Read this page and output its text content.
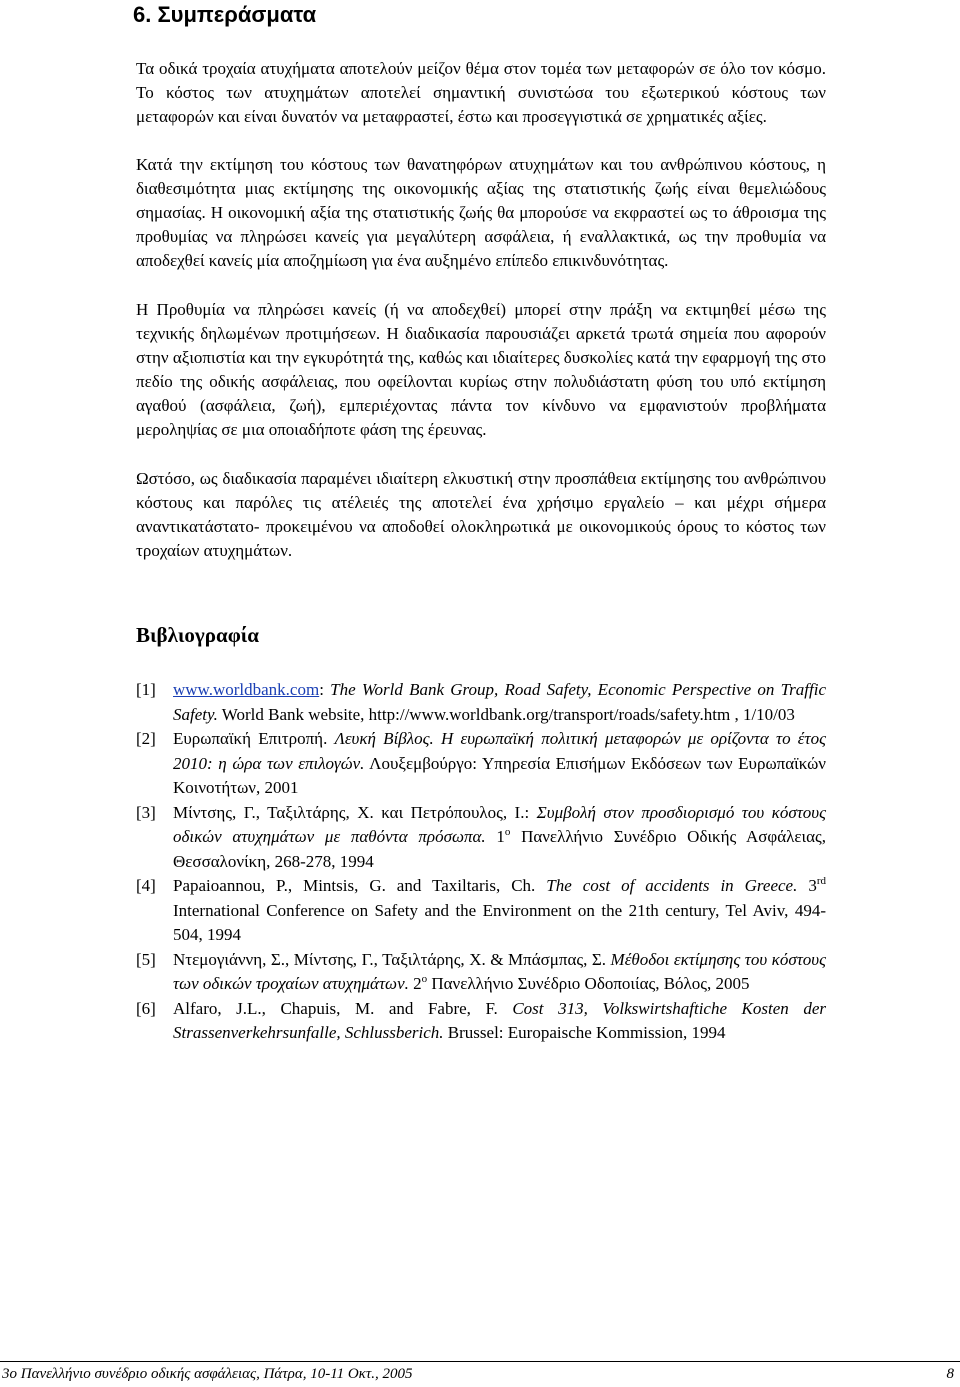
6. Συμπεράσματα

Τα οδικά τροχαία ατυχήματα αποτελούν μείζον θέμα στον τομέα των μεταφορών σε όλο τον κόσμο. Το κόστος των ατυχημάτων αποτελεί σημαντική συνιστώσα του εξωτερικού κόστους των μεταφορών και είναι δυνατόν να μεταφραστεί, έστω και προσεγγιστικά σε χρηματικές αξίες.

Κατά την εκτίμηση του κόστους των θανατηφόρων ατυχημάτων και του ανθρώπινου κόστους, η διαθεσιμότητα μιας εκτίμησης της οικονομικής αξίας της στατιστικής ζωής είναι θεμελιώδους σημασίας. Η οικονομική αξία της στατιστικής ζωής θα μπορούσε να εκφραστεί ως το άθροισμα της προθυμίας να πληρώσει κανείς για μεγαλύτερη ασφάλεια, ή εναλλακτικά, ως την προθυμία να αποδεχθεί κανείς μία αποζημίωση για ένα αυξημένο επίπεδο επικινδυνότητας.

Η Προθυμία να πληρώσει κανείς (ή να αποδεχθεί) μπορεί στην πράξη να εκτιμηθεί μέσω της τεχνικής δηλωμένων προτιμήσεων. Η διαδικασία παρουσιάζει αρκετά τρωτά σημεία που αφορούν στην αξιοπιστία και την εγκυρότητά της, καθώς και ιδιαίτερες δυσκολίες κατά την εφαρμογή της στο πεδίο της οδικής ασφάλειας, που οφείλονται κυρίως στην πολυδιάστατη φύση του υπό εκτίμηση αγαθού (ασφάλεια, ζωή), εμπεριέχοντας πάντα τον κίνδυνο να εμφανιστούν προβλήματα μεροληψίας σε μια οποιαδήποτε φάση της έρευνας.

Ωστόσο, ως διαδικασία παραμένει ιδιαίτερη ελκυστική στην προσπάθεια εκτίμησης του ανθρώπινου κόστους και παρόλες τις ατέλειές της αποτελεί ένα χρήσιμο εργαλείο – και μέχρι σήμερα αναντικατάστατο- προκειμένου να αποδοθεί ολοκληρωτικά με οικονομικούς όρους το κόστος των τροχαίων ατυχημάτων.

Βιβλιογραφία
[1] www.worldbank.com: The World Bank Group, Road Safety, Economic Perspective on Traffic Safety. World Bank website, http://www.worldbank.org/transport/roads/safety.htm , 1/10/03
[2] Ευρωπαϊκή Επιτροπή. Λευκή Βίβλος. Η ευρωπαϊκή πολιτική μεταφορών με ορίζοντα το έτος 2010: η ώρα των επιλογών. Λουξεμβούργο: Υπηρεσία Επισήμων Εκδόσεων των Ευρωπαϊκών Κοινοτήτων, 2001
[3] Μίντσης, Γ., Ταξιλτάρης, Χ. και Πετρόπουλος, Ι.: Συμβολή στον προσδιορισμό του κόστους οδικών ατυχημάτων με παθόντα πρόσωπα. $1^o$ Πανελλήνιο Συνέδριο Οδικής Ασφάλειας, Θεσσαλονίκη, 268-278, 1994
[4] Papaioannou, P., Mintsis, G. and Taxiltaris, Ch. The cost of accidents in Greece. 3rd International Conference on Safety and the Environment on the 21th century, Tel Aviv, 494-504, 1994
[5] Ντεμογιάννη, Σ., Μίντσης, Γ., Ταξιλτάρης, Χ. & Μπάσμπας, Σ. Μέθοδοι εκτίμησης του κόστους των οδικών τροχαίων ατυχημάτων. $2^o$ Πανελλήνιο Συνέδριο Οδοποιίας, Βόλος, 2005
[6] Alfaro, J.L., Chapuis, M. and Fabre, F. Cost 313, Volkswirtshaftiche Kosten der Strassenverkehrsunfalle, Schlussberich. Brussel: Europaische Kommission, 1994
3ο Πανελλήνιο συνέδριο οδικής ασφάλειας, Πάτρα, 10-11 Οκτ., 2005	8
